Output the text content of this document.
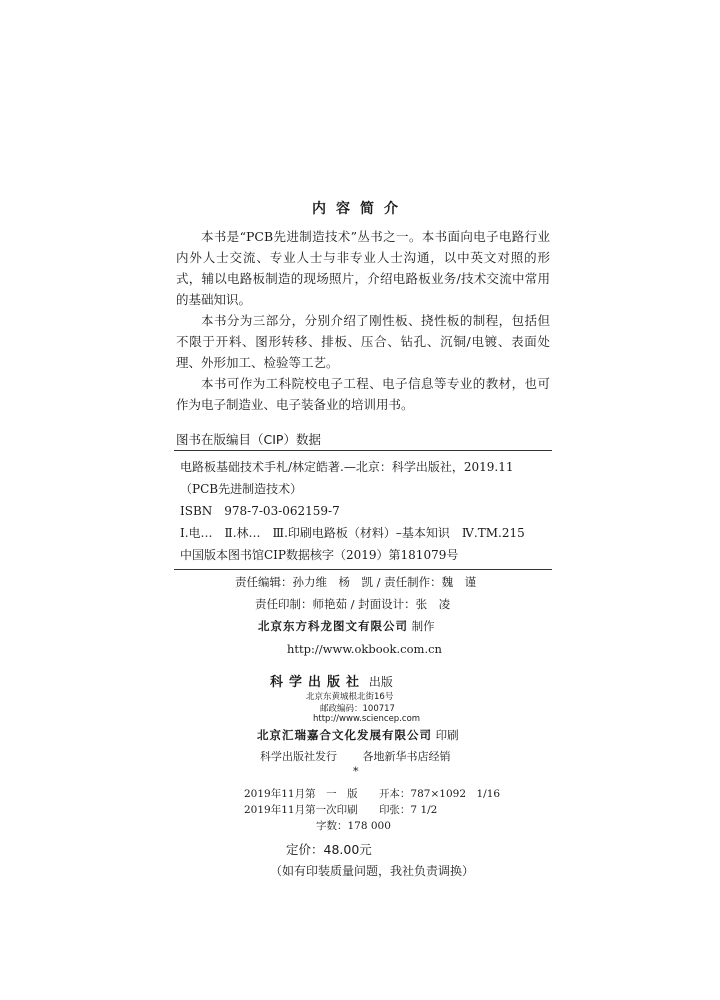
内容简介

本书是“PCB先进制造技术”丛书之一。本书面向电子电路行业内外人士交流、专业人士与非专业人士沟通，以中英文对照的形式，辅以电路板制造的现场照片，介绍电路板业务/技术交流中常用的基础知识。

本书分为三部分，分别介绍了刚性板、挠性板的制程，包括但不限于开料、图形转移、排板、压合、钻孔、沉铜/电镀、表面处理、外形加工、检验等工艺。

本书可作为工科院校电子工程、电子信息等专业的教材，也可作为电子制造业、电子装备业的培训用书。

图书在版编目（CIP）数据
电路板基础技术手札/林定皓著.—北京：科学出版社，2019.11
（PCB先进制造技术）
ISBN　978-7-03-062159-7
Ⅰ.电…　Ⅱ.林…　Ⅲ.印刷电路板（材料）–基本知识　Ⅳ.TM.215
中国版本图书馆CIP数据核字（2019）第181079号
责任编辑：孙力维　杨　凯 / 责任制作：魏　谨
责任印制：师艳茹 / 封面设计：张　凌
北京东方科龙图文有限公司 制作
http://www.okbook.com.cn
科学出版社 出版
北京东黄城根北街16号
邮政编码：100717
http://www.sciencep.com
北京汇瑞嘉合文化发展有限公司 印刷
科学出版社发行 各地新华书店经销
*
2019年11月第　一　版 开本：787×1092　1/16
2019年11月第一次印刷 印张：7 1/2
字数：178 000
定价：48.00元
（如有印装质量问题，我社负责调换）
